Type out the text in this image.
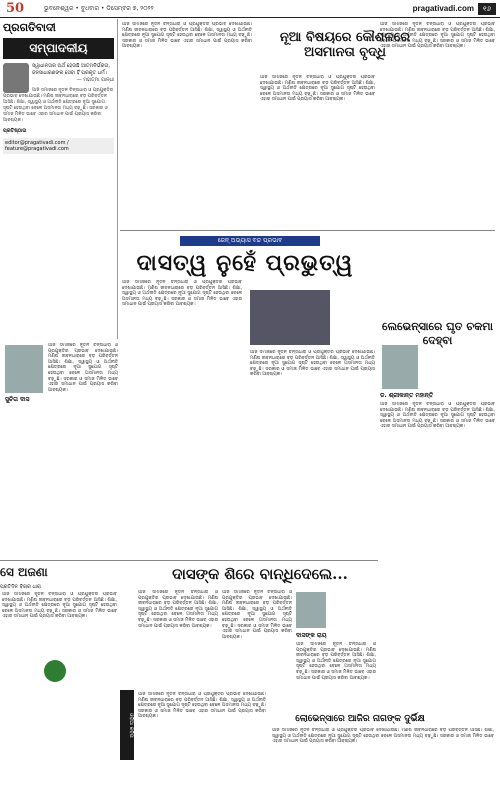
50	ଭୁବନେଶ୍ୱର • ବୁଧବାର • ଡିସେମ୍ବର ୭, ୨୦୨୨	pragativadi.com	୧୬
ପ୍ରଗତିବାଦୀ
ସମ୍ପାଦକୀୟ
ସ୍ୱାଧୀନତାର ଅର୍ଥ ହେଉଛି ଆତ୍ମନିର୍ଭରତା, ଜନସାଧାରଣଙ୍କ ସେବା ହିଁ ପ୍ରକୃତ ଧର୍ମ।
— ମହାତ୍ମା ଗାନ୍ଧୀ
ଆଜି ସମାଜରେ ନୂତନ ଚିନ୍ତାଧାରା ଓ ପ୍ରଯୁକ୍ତିର ପ୍ରଭାବ ଦେଖାଯାଉଛି। ମଣିଷ ଜୀବନଧାରାରେ ବଡ଼ ପରିବର୍ତ୍ତନ ଆସିଛି। ଶିକ୍ଷା, ସ୍ୱାସ୍ଥ୍ୟ ଓ ଅର୍ଥନୀତି କ୍ଷେତ୍ରରେ ନୂଆ ସୁଯୋଗ ସୃଷ୍ଟି ହେଉଥିବା ବେଳେ ଅସମାନତା ମଧ୍ୟ ବଢ଼ୁଛି। ସରକାର ଓ ସମାଜ ମିଳିତ ଭାବେ ଏହାର ସମାଧାନ ପାଇଁ ପ୍ରୟାସ କରିବା ଆବଶ୍ୟକ।
ପ୍ରତିଷ୍ଠାତା
editor@pragativadi.com / feature@pragativadi.com
ନୂଆ ବିଷୟରେ କୌଶଳରେ ଅସମାନତା ବୃଦ୍ଧି
ଆଜି ସମାଜରେ ନୂତନ ଚିନ୍ତାଧାରା ଓ ପ୍ରଯୁକ୍ତିର ପ୍ରଭାବ ଦେଖାଯାଉଛି। ମଣିଷ ଜୀବନଧାରାରେ ବଡ଼ ପରିବର୍ତ୍ତନ ଆସିଛି। ଶିକ୍ଷା, ସ୍ୱାସ୍ଥ୍ୟ ଓ ଅର୍ଥନୀତି କ୍ଷେତ୍ରରେ ନୂଆ ସୁଯୋଗ ସୃଷ୍ଟି ହେଉଥିବା ବେଳେ ଅସମାନତା ମଧ୍ୟ ବଢ଼ୁଛି। ସରକାର ଓ ସମାଜ ମିଳିତ ଭାବେ ଏହାର ସମାଧାନ ପାଇଁ ପ୍ରୟାସ କରିବା ଆବଶ୍ୟକ।
ଆଜି ସମାଜରେ ନୂତନ ଚିନ୍ତାଧାରା ଓ ପ୍ରଯୁକ୍ତିର ପ୍ରଭାବ ଦେଖାଯାଉଛି। ମଣିଷ ଜୀବନଧାରାରେ ବଡ଼ ପରିବର୍ତ୍ତନ ଆସିଛି। ଶିକ୍ଷା, ସ୍ୱାସ୍ଥ୍ୟ ଓ ଅର୍ଥନୀତି କ୍ଷେତ୍ରରେ ନୂଆ ସୁଯୋଗ ସୃଷ୍ଟି ହେଉଥିବା ବେଳେ ଅସମାନତା ମଧ୍ୟ ବଢ଼ୁଛି। ସରକାର ଓ ସମାଜ ମିଳିତ ଭାବେ ଏହାର ସମାଧାନ ପାଇଁ ପ୍ରୟାସ କରିବା ଆବଶ୍ୟକ।
ଆଜି ସମାଜରେ ନୂତନ ଚିନ୍ତାଧାରା ଓ ପ୍ରଯୁକ୍ତିର ପ୍ରଭାବ ଦେଖାଯାଉଛି। ମଣିଷ ଜୀବନଧାରାରେ ବଡ଼ ପରିବର୍ତ୍ତନ ଆସିଛି। ଶିକ୍ଷା, ସ୍ୱାସ୍ଥ୍ୟ ଓ ଅର୍ଥନୀତି କ୍ଷେତ୍ରରେ ନୂଆ ସୁଯୋଗ ସୃଷ୍ଟି ହେଉଥିବା ବେଳେ ଅସମାନତା ମଧ୍ୟ ବଢ଼ୁଛି। ସରକାର ଓ ସମାଜ ମିଳିତ ଭାବେ ଏହାର ସମାଧାନ ପାଇଁ ପ୍ରୟାସ କରିବା ଆବଶ୍ୟକ।
ଜେନ୍ ଅଭ୍ୟାସ ବନ୍ଦ ପ୍ରଭାବ
ଦାସତ୍ୱ ନୁହେଁ ପ୍ରଭୁତ୍ୱ
ସୁଚିତା ଦାସ
ଆଜି ସମାଜରେ ନୂତନ ଚିନ୍ତାଧାରା ଓ ପ୍ରଯୁକ୍ତିର ପ୍ରଭାବ ଦେଖାଯାଉଛି। ମଣିଷ ଜୀବନଧାରାରେ ବଡ଼ ପରିବର୍ତ୍ତନ ଆସିଛି। ଶିକ୍ଷା, ସ୍ୱାସ୍ଥ୍ୟ ଓ ଅର୍ଥନୀତି କ୍ଷେତ୍ରରେ ନୂଆ ସୁଯୋଗ ସୃଷ୍ଟି ହେଉଥିବା ବେଳେ ଅସମାନତା ମଧ୍ୟ ବଢ଼ୁଛି। ସରକାର ଓ ସମାଜ ମିଳିତ ଭାବେ ଏହାର ସମାଧାନ ପାଇଁ ପ୍ରୟାସ କରିବା ଆବଶ୍ୟକ।
ଆଜି ସମାଜରେ ନୂତନ ଚିନ୍ତାଧାରା ଓ ପ୍ରଯୁକ୍ତିର ପ୍ରଭାବ ଦେଖାଯାଉଛି। ମଣିଷ ଜୀବନଧାରାରେ ବଡ଼ ପରିବର୍ତ୍ତନ ଆସିଛି। ଶିକ୍ଷା, ସ୍ୱାସ୍ଥ୍ୟ ଓ ଅର୍ଥନୀତି କ୍ଷେତ୍ରରେ ନୂଆ ସୁଯୋଗ ସୃଷ୍ଟି ହେଉଥିବା ବେଳେ ଅସମାନତା ମଧ୍ୟ ବଢ଼ୁଛି। ସରକାର ଓ ସମାଜ ମିଳିତ ଭାବେ ଏହାର ସମାଧାନ ପାଇଁ ପ୍ରୟାସ କରିବା ଆବଶ୍ୟକ।
ଆଜି ସମାଜରେ ନୂତନ ଚିନ୍ତାଧାରା ଓ ପ୍ରଯୁକ୍ତିର ପ୍ରଭାବ ଦେଖାଯାଉଛି। ମଣିଷ ଜୀବନଧାରାରେ ବଡ଼ ପରିବର୍ତ୍ତନ ଆସିଛି। ଶିକ୍ଷା, ସ୍ୱାସ୍ଥ୍ୟ ଓ ଅର୍ଥନୀତି କ୍ଷେତ୍ରରେ ନୂଆ ସୁଯୋଗ ସୃଷ୍ଟି ହେଉଥିବା ବେଳେ ଅସମାନତା ମଧ୍ୟ ବଢ଼ୁଛି। ସରକାର ଓ ସମାଜ ମିଳିତ ଭାବେ ଏହାର ସମାଧାନ ପାଇଁ ପ୍ରୟାସ କରିବା ଆବଶ୍ୟକ।
ଲେଭେନ୍ସାରେ ଘୃତ ଚକମା ଦେହ୍ବା
ଡ. ଶ୍ରୀକାନ୍ତ ମହାନ୍ତି
ଆଜି ସମାଜରେ ନୂତନ ଚିନ୍ତାଧାରା ଓ ପ୍ରଯୁକ୍ତିର ପ୍ରଭାବ ଦେଖାଯାଉଛି। ମଣିଷ ଜୀବନଧାରାରେ ବଡ଼ ପରିବର୍ତ୍ତନ ଆସିଛି। ଶିକ୍ଷା, ସ୍ୱାସ୍ଥ୍ୟ ଓ ଅର୍ଥନୀତି କ୍ଷେତ୍ରରେ ନୂଆ ସୁଯୋଗ ସୃଷ୍ଟି ହେଉଥିବା ବେଳେ ଅସମାନତା ମଧ୍ୟ ବଢ଼ୁଛି। ସରକାର ଓ ସମାଜ ମିଳିତ ଭାବେ ଏହାର ସମାଧାନ ପାଇଁ ପ୍ରୟାସ କରିବା ଆବଶ୍ୟକ।
ସେ ଅଜଣା
ପ୍ରତିଦିନ ବିଚାର ଧାରା
ଆଜି ସମାଜରେ ନୂତନ ଚିନ୍ତାଧାରା ଓ ପ୍ରଯୁକ୍ତିର ପ୍ରଭାବ ଦେଖାଯାଉଛି। ମଣିଷ ଜୀବନଧାରାରେ ବଡ଼ ପରିବର୍ତ୍ତନ ଆସିଛି। ଶିକ୍ଷା, ସ୍ୱାସ୍ଥ୍ୟ ଓ ଅର୍ଥନୀତି କ୍ଷେତ୍ରରେ ନୂଆ ସୁଯୋଗ ସୃଷ୍ଟି ହେଉଥିବା ବେଳେ ଅସମାନତା ମଧ୍ୟ ବଢ଼ୁଛି। ସରକାର ଓ ସମାଜ ମିଳିତ ଭାବେ ଏହାର ସମାଧାନ ପାଇଁ ପ୍ରୟାସ କରିବା ଆବଶ୍ୟକ।
ଦାସଙ୍କ ଶିରେ ବାନ୍ଧିଦେଲେ...
ଆଜି ସମାଜରେ ନୂତନ ଚିନ୍ତାଧାରା ଓ ପ୍ରଯୁକ୍ତିର ପ୍ରଭାବ ଦେଖାଯାଉଛି। ମଣିଷ ଜୀବନଧାରାରେ ବଡ଼ ପରିବର୍ତ୍ତନ ଆସିଛି। ଶିକ୍ଷା, ସ୍ୱାସ୍ଥ୍ୟ ଓ ଅର୍ଥନୀତି କ୍ଷେତ୍ରରେ ନୂଆ ସୁଯୋଗ ସୃଷ୍ଟି ହେଉଥିବା ବେଳେ ଅସମାନତା ମଧ୍ୟ ବଢ଼ୁଛି। ସରକାର ଓ ସମାଜ ମିଳିତ ଭାବେ ଏହାର ସମାଧାନ ପାଇଁ ପ୍ରୟାସ କରିବା ଆବଶ୍ୟକ।
ଆଜି ସମାଜରେ ନୂତନ ଚିନ୍ତାଧାରା ଓ ପ୍ରଯୁକ୍ତିର ପ୍ରଭାବ ଦେଖାଯାଉଛି। ମଣିଷ ଜୀବନଧାରାରେ ବଡ଼ ପରିବର୍ତ୍ତନ ଆସିଛି। ଶିକ୍ଷା, ସ୍ୱାସ୍ଥ୍ୟ ଓ ଅର୍ଥନୀତି କ୍ଷେତ୍ରରେ ନୂଆ ସୁଯୋଗ ସୃଷ୍ଟି ହେଉଥିବା ବେଳେ ଅସମାନତା ମଧ୍ୟ ବଢ଼ୁଛି। ସରକାର ଓ ସମାଜ ମିଳିତ ଭାବେ ଏହାର ସମାଧାନ ପାଇଁ ପ୍ରୟାସ କରିବା ଆବଶ୍ୟକ।	ଦାସଙ୍କ ରାୟ
ଆଜି ସମାଜରେ ନୂତନ ଚିନ୍ତାଧାରା ଓ ପ୍ରଯୁକ୍ତିର ପ୍ରଭାବ ଦେଖାଯାଉଛି। ମଣିଷ ଜୀବନଧାରାରେ ବଡ଼ ପରିବର୍ତ୍ତନ ଆସିଛି। ଶିକ୍ଷା, ସ୍ୱାସ୍ଥ୍ୟ ଓ ଅର୍ଥନୀତି କ୍ଷେତ୍ରରେ ନୂଆ ସୁଯୋଗ ସୃଷ୍ଟି ହେଉଥିବା ବେଳେ ଅସମାନତା ମଧ୍ୟ ବଢ଼ୁଛି। ସରକାର ଓ ସମାଜ ମିଳିତ ଭାବେ ଏହାର ସମାଧାନ ପାଇଁ ପ୍ରୟାସ କରିବା ଆବଶ୍ୟକ।
ଓଡ଼ିଆ କବିତା
ଆଜି ସମାଜରେ ନୂତନ ଚିନ୍ତାଧାରା ଓ ପ୍ରଯୁକ୍ତିର ପ୍ରଭାବ ଦେଖାଯାଉଛି। ମଣିଷ ଜୀବନଧାରାରେ ବଡ଼ ପରିବର୍ତ୍ତନ ଆସିଛି। ଶିକ୍ଷା, ସ୍ୱାସ୍ଥ୍ୟ ଓ ଅର୍ଥନୀତି କ୍ଷେତ୍ରରେ ନୂଆ ସୁଯୋଗ ସୃଷ୍ଟି ହେଉଥିବା ବେଳେ ଅସମାନତା ମଧ୍ୟ ବଢ଼ୁଛି। ସରକାର ଓ ସମାଜ ମିଳିତ ଭାବେ ଏହାର ସମାଧାନ ପାଇଁ ପ୍ରୟାସ କରିବା ଆବଶ୍ୟକ।	ଲୋଭେନ୍ସାରେ ଆଜିର ନାଗଙ୍କ ଦୁର୍ଭିକ୍ଷ
ଆଜି ସମାଜରେ ନୂତନ ଚିନ୍ତାଧାରା ଓ ପ୍ରଯୁକ୍ତିର ପ୍ରଭାବ ଦେଖାଯାଉଛି। ମଣିଷ ଜୀବନଧାରାରେ ବଡ଼ ପରିବର୍ତ୍ତନ ଆସିଛି। ଶିକ୍ଷା, ସ୍ୱାସ୍ଥ୍ୟ ଓ ଅର୍ଥନୀତି କ୍ଷେତ୍ରରେ ନୂଆ ସୁଯୋଗ ସୃଷ୍ଟି ହେଉଥିବା ବେଳେ ଅସମାନତା ମଧ୍ୟ ବଢ଼ୁଛି। ସରକାର ଓ ସମାଜ ମିଳିତ ଭାବେ ଏହାର ସମାଧାନ ପାଇଁ ପ୍ରୟାସ କରିବା ଆବଶ୍ୟକ।
